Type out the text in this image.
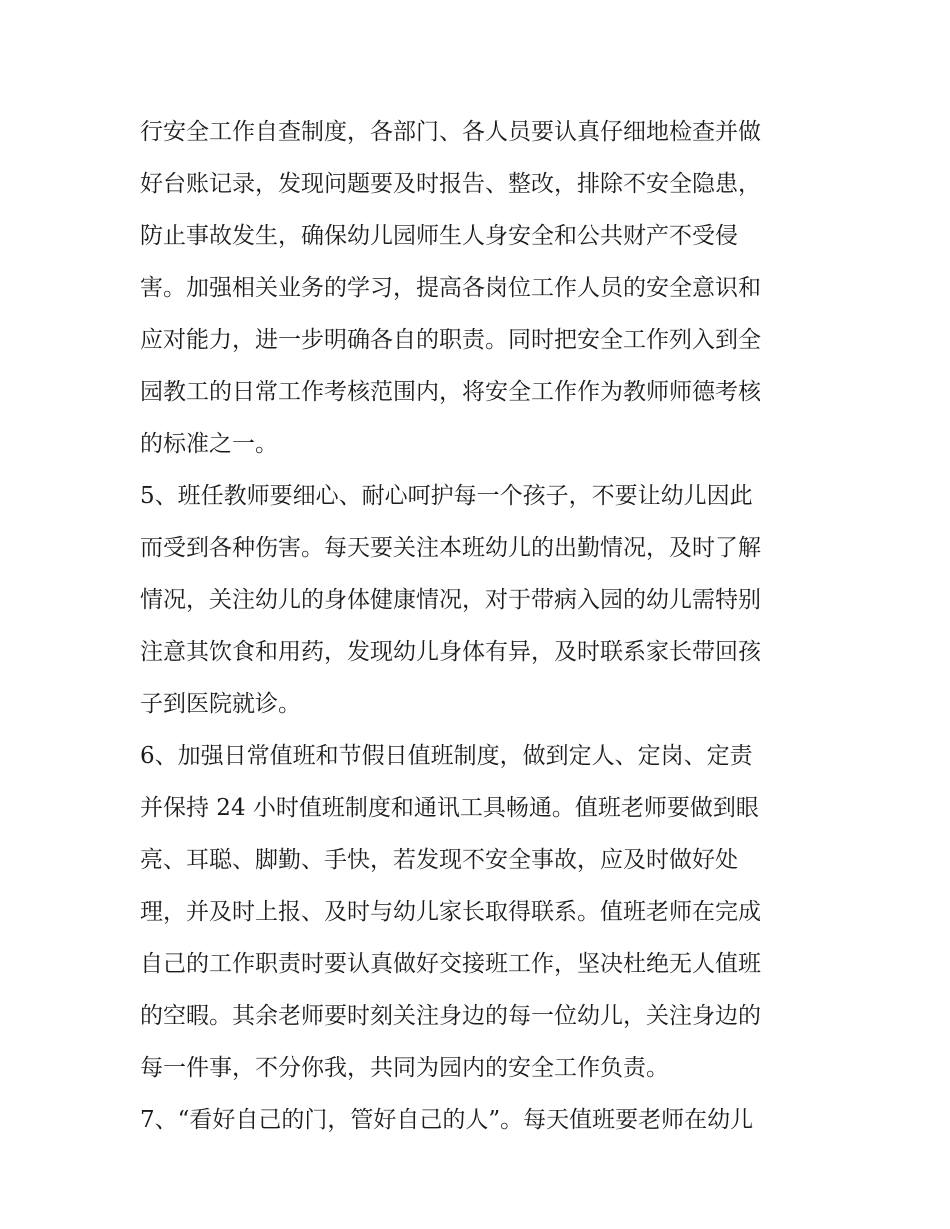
行安全工作自查制度，各部门、各人员要认真仔细地检查并做
好台账记录，发现问题要及时报告、整改，排除不安全隐患，
防止事故发生，确保幼儿园师生人身安全和公共财产不受侵
害。加强相关业务的学习，提高各岗位工作人员的安全意识和
应对能力，进一步明确各自的职责。同时把安全工作列入到全
园教工的日常工作考核范围内，将安全工作作为教师师德考核
的标准之一。
5、班任教师要细心、耐心呵护每一个孩子，不要让幼儿因此
而受到各种伤害。每天要关注本班幼儿的出勤情况，及时了解
情况，关注幼儿的身体健康情况，对于带病入园的幼儿需特别
注意其饮食和用药，发现幼儿身体有异，及时联系家长带回孩
子到医院就诊。
6、加强日常值班和节假日值班制度，做到定人、定岗、定责
并保持 24 小时值班制度和通讯工具畅通。值班老师要做到眼
亮、耳聪、脚勤、手快，若发现不安全事故，应及时做好处
理，并及时上报、及时与幼儿家长取得联系。值班老师在完成
自己的工作职责时要认真做好交接班工作，坚决杜绝无人值班
的空暇。其余老师要时刻关注身边的每一位幼儿，关注身边的
每一件事，不分你我，共同为园内的安全工作负责。
7、“看好自己的门，管好自己的人”。每天值班要老师在幼儿
